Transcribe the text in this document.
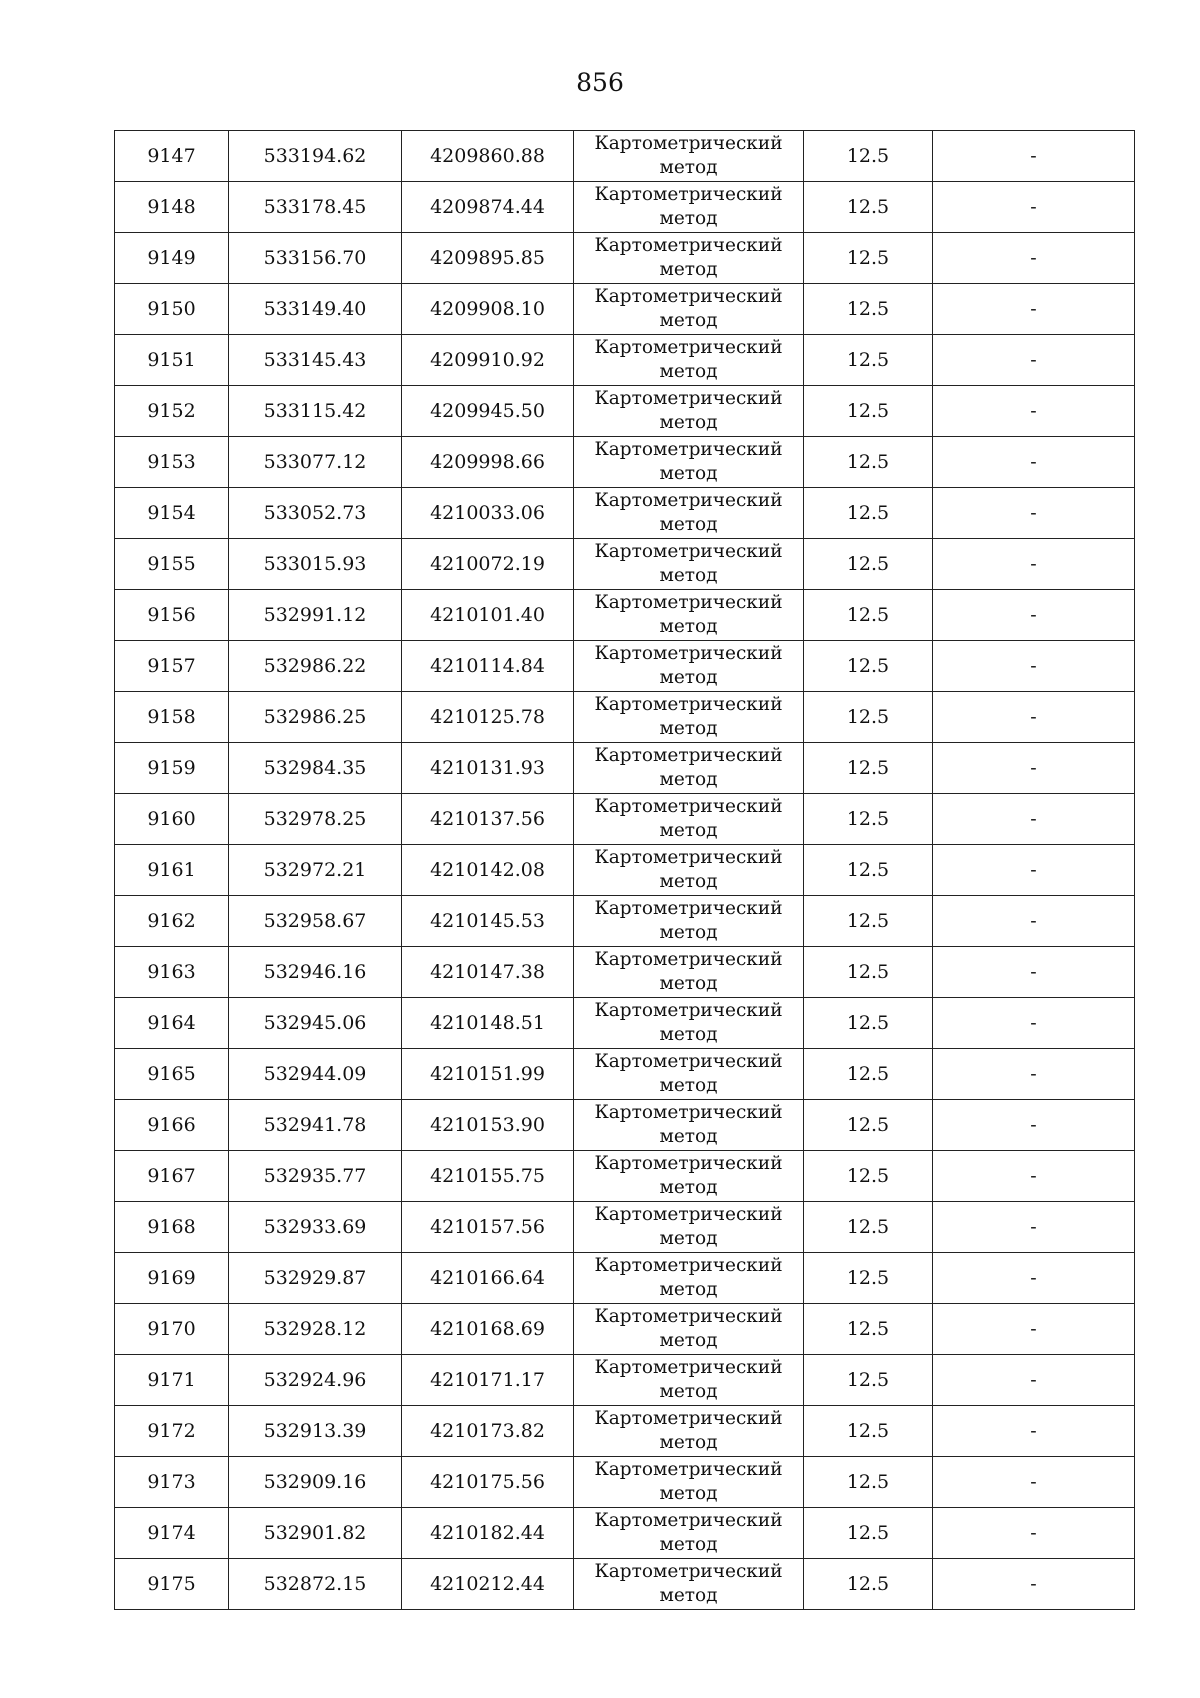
856
9147	533194.62	4209860.88	Картометрический
метод	12.5	-
9148	533178.45	4209874.44	Картометрический
метод	12.5	-
9149	533156.70	4209895.85	Картометрический
метод	12.5	-
9150	533149.40	4209908.10	Картометрический
метод	12.5	-
9151	533145.43	4209910.92	Картометрический
метод	12.5	-
9152	533115.42	4209945.50	Картометрический
метод	12.5	-
9153	533077.12	4209998.66	Картометрический
метод	12.5	-
9154	533052.73	4210033.06	Картометрический
метод	12.5	-
9155	533015.93	4210072.19	Картометрический
метод	12.5	-
9156	532991.12	4210101.40	Картометрический
метод	12.5	-
9157	532986.22	4210114.84	Картометрический
метод	12.5	-
9158	532986.25	4210125.78	Картометрический
метод	12.5	-
9159	532984.35	4210131.93	Картометрический
метод	12.5	-
9160	532978.25	4210137.56	Картометрический
метод	12.5	-
9161	532972.21	4210142.08	Картометрический
метод	12.5	-
9162	532958.67	4210145.53	Картометрический
метод	12.5	-
9163	532946.16	4210147.38	Картометрический
метод	12.5	-
9164	532945.06	4210148.51	Картометрический
метод	12.5	-
9165	532944.09	4210151.99	Картометрический
метод	12.5	-
9166	532941.78	4210153.90	Картометрический
метод	12.5	-
9167	532935.77	4210155.75	Картометрический
метод	12.5	-
9168	532933.69	4210157.56	Картометрический
метод	12.5	-
9169	532929.87	4210166.64	Картометрический
метод	12.5	-
9170	532928.12	4210168.69	Картометрический
метод	12.5	-
9171	532924.96	4210171.17	Картометрический
метод	12.5	-
9172	532913.39	4210173.82	Картометрический
метод	12.5	-
9173	532909.16	4210175.56	Картометрический
метод	12.5	-
9174	532901.82	4210182.44	Картометрический
метод	12.5	-
9175	532872.15	4210212.44	Картометрический
метод	12.5	-
